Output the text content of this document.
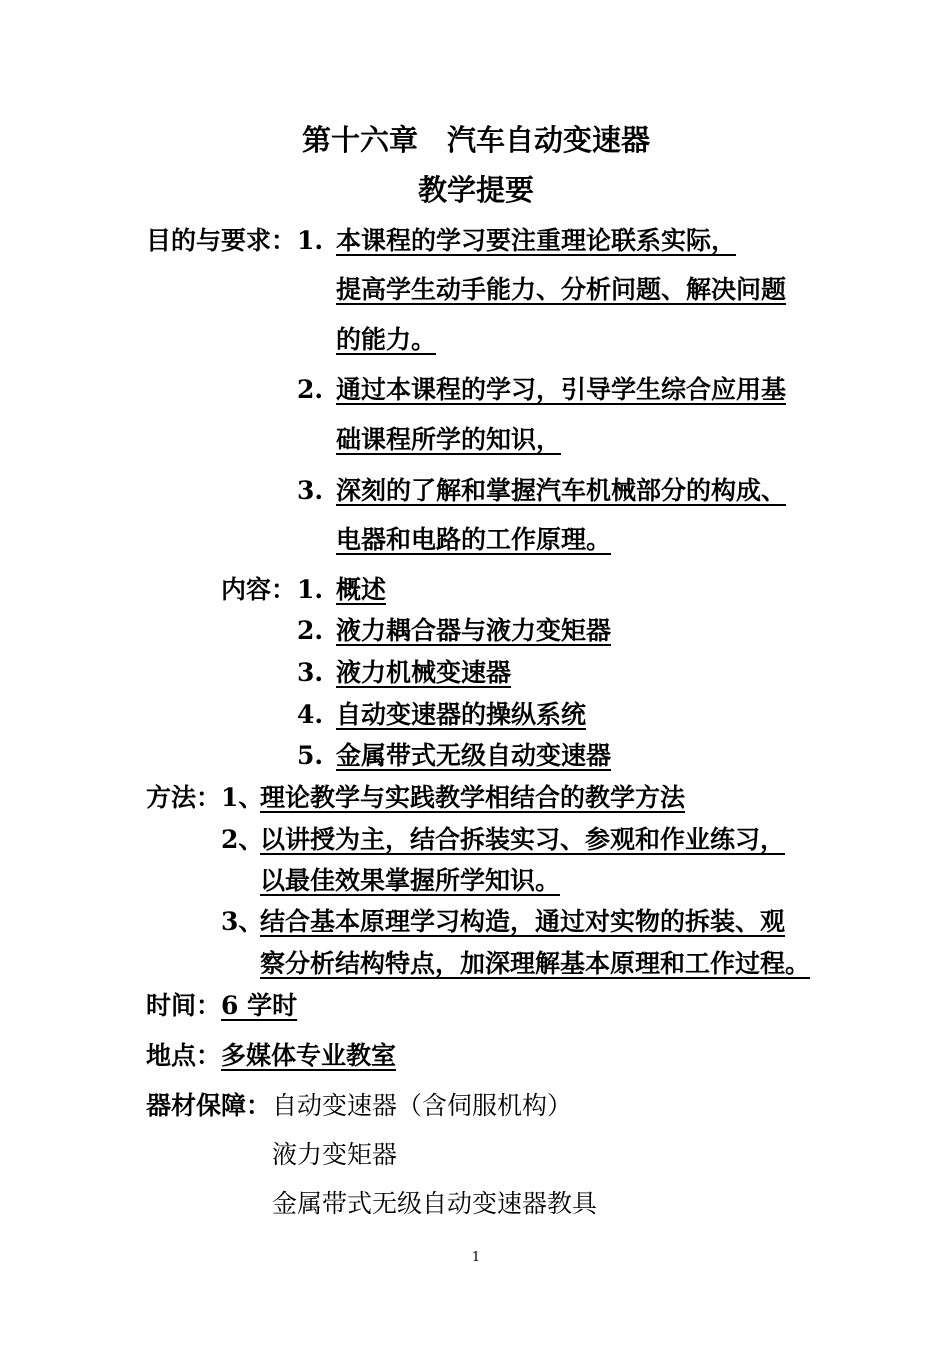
第十六章　汽车自动变速器
教学提要
目的与要求： 1. 本课程的学习要注重理论联系实际，
提高学生动手能力、分析问题、解决问题
的能力。
2. 通过本课程的学习，引导学生综合应用基
础课程所学的知识，
3. 深刻的了解和掌握汽车机械部分的构成、
电器和电路的工作原理。
内容： 1. 概述
2. 液力耦合器与液力变矩器
3. 液力机械变速器
4. 自动变速器的操纵系统
5. 金属带式无级自动变速器
方法： 1、
理论教学与实践教学相结合的教学方法
2、
以讲授为主，结合拆装实习、参观和作业练习，
以最佳效果掌握所学知识。
3、
结合基本原理学习构造，通过对实物的拆装、观
察分析结构特点，加深理解基本原理和工作过程。
时间： 6 学时
地点： 多媒体专业教室
器材保障： 自动变速器（含伺服机构）
液力变矩器
金属带式无级自动变速器教具
1
